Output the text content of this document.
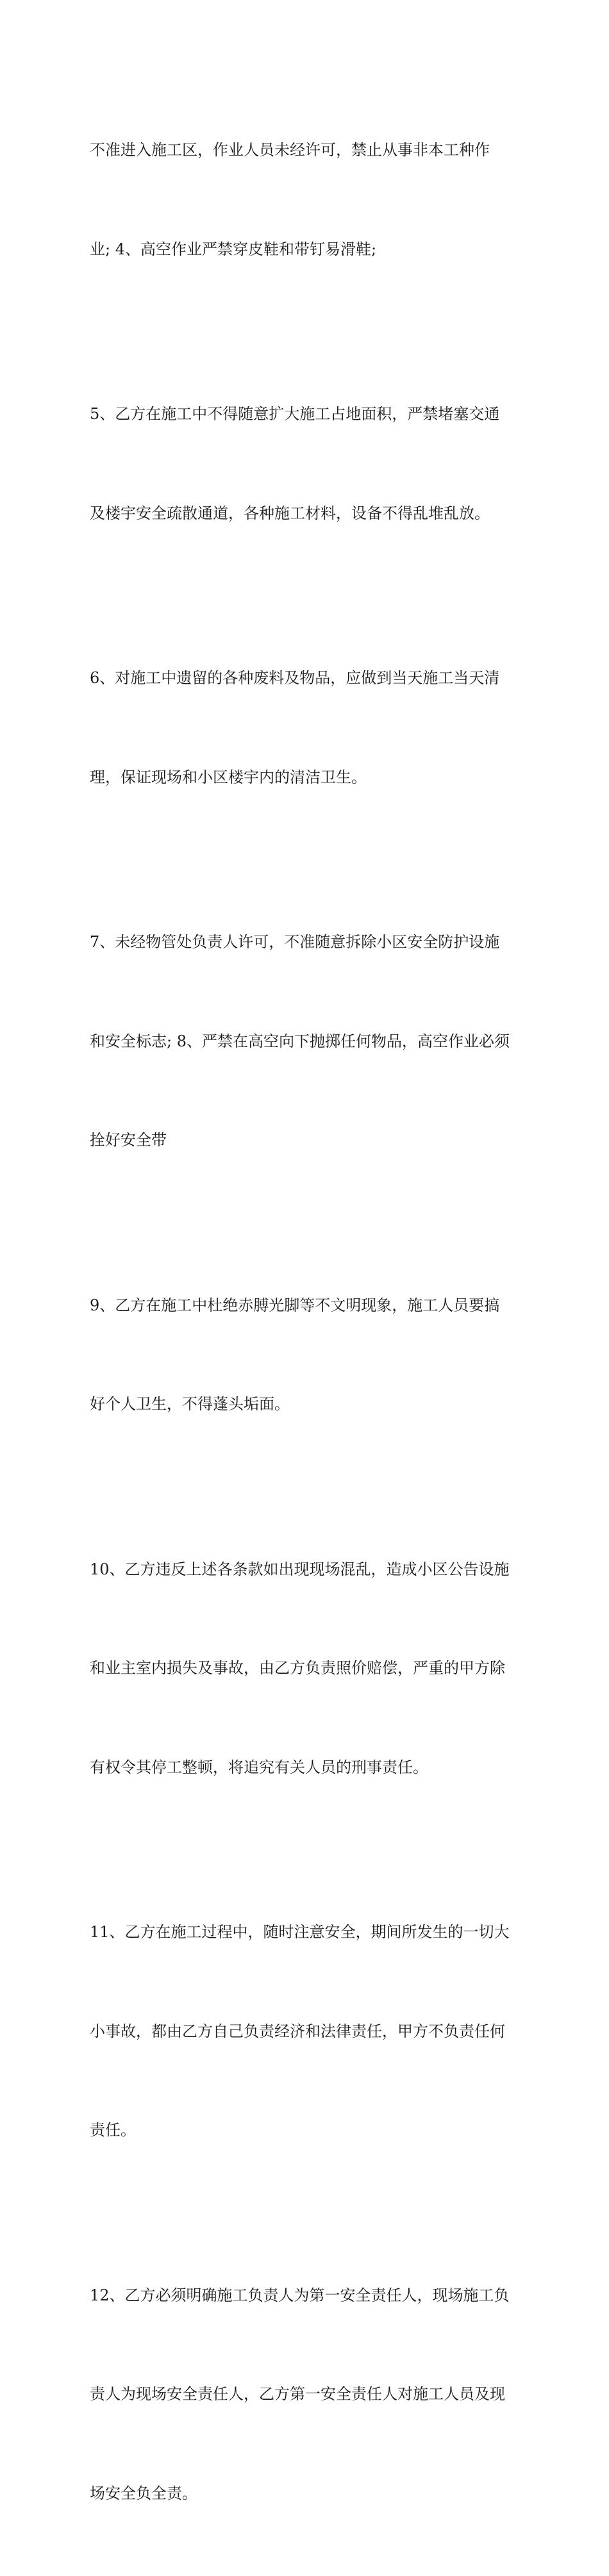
不准进入施工区，作业人员未经许可，禁止从事非本工种作

业; 4、高空作业严禁穿皮鞋和带钉易滑鞋;

5、乙方在施工中不得随意扩大施工占地面积，严禁堵塞交通

及楼宇安全疏散通道，各种施工材料，设备不得乱堆乱放。

6、对施工中遗留的各种废料及物品，应做到当天施工当天清

理，保证现场和小区楼宇内的清洁卫生。

7、未经物管处负责人许可，不准随意拆除小区安全防护设施

和安全标志; 8、严禁在高空向下抛掷任何物品，高空作业必须

拴好安全带

9、乙方在施工中杜绝赤膊光脚等不文明现象，施工人员要搞

好个人卫生，不得蓬头垢面。

10、乙方违反上述各条款如出现现场混乱，造成小区公告设施

和业主室内损失及事故，由乙方负责照价赔偿，严重的甲方除

有权令其停工整顿，将追究有关人员的刑事责任。

11、乙方在施工过程中，随时注意安全，期间所发生的一切大

小事故，都由乙方自己负责经济和法律责任，甲方不负责任何

责任。

12、乙方必须明确施工负责人为第一安全责任人，现场施工负

责人为现场安全责任人，乙方第一安全责任人对施工人员及现

场安全负全责。
